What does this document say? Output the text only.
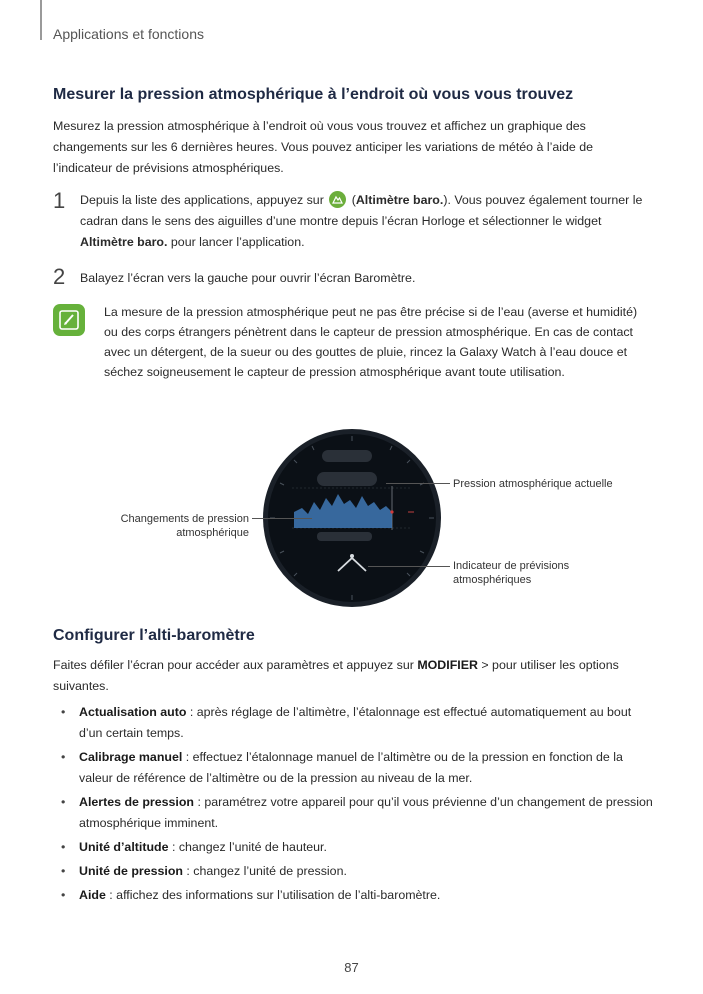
Applications et fonctions
Mesurer la pression atmosphérique à l’endroit où vous vous trouvez
Mesurez la pression atmosphérique à l’endroit où vous vous trouvez et affichez un graphique des changements sur les 6 dernières heures. Vous pouvez anticiper les variations de météo à l’aide de l’indicateur de prévisions atmosphériques.
1 Depuis la liste des applications, appuyez sur
(Altimètre baro.). Vous pouvez également tourner le cadran dans le sens des aiguilles d’une montre depuis l’écran Horloge et sélectionner le widget Altimètre baro. pour lancer l’application.
2 Balayez l’écran vers la gauche pour ouvrir l’écran Baromètre.
La mesure de la pression atmosphérique peut ne pas être précise si de l’eau (averse et humidité) ou des corps étrangers pénètrent dans le capteur de pression atmosphérique. En cas de contact avec un détergent, de la sueur ou des gouttes de pluie, rincez la Galaxy Watch à l’eau douce et séchez soigneusement le capteur de pression atmosphérique avant toute utilisation.
Pression atmosphérique actuelle
Changements de pression
atmosphérique
Indicateur de prévisions
atmosphériques
Configurer l’alti-baromètre
Faites défiler l’écran pour accéder aux paramètres et appuyez sur MODIFIER > pour utiliser les options suivantes.
• Actualisation auto : après réglage de l’altimètre, l’étalonnage est effectué automatiquement au bout d’un certain temps.
• Calibrage manuel : effectuez l’étalonnage manuel de l’altimètre ou de la pression en fonction de la valeur de référence de l’altimètre ou de la pression au niveau de la mer.
• Alertes de pression : paramétrez votre appareil pour qu’il vous prévienne d’un changement de pression atmosphérique imminent.
• Unité d’altitude : changez l’unité de hauteur.
• Unité de pression : changez l’unité de pression.
• Aide : affichez des informations sur l’utilisation de l’alti-baromètre.
87
